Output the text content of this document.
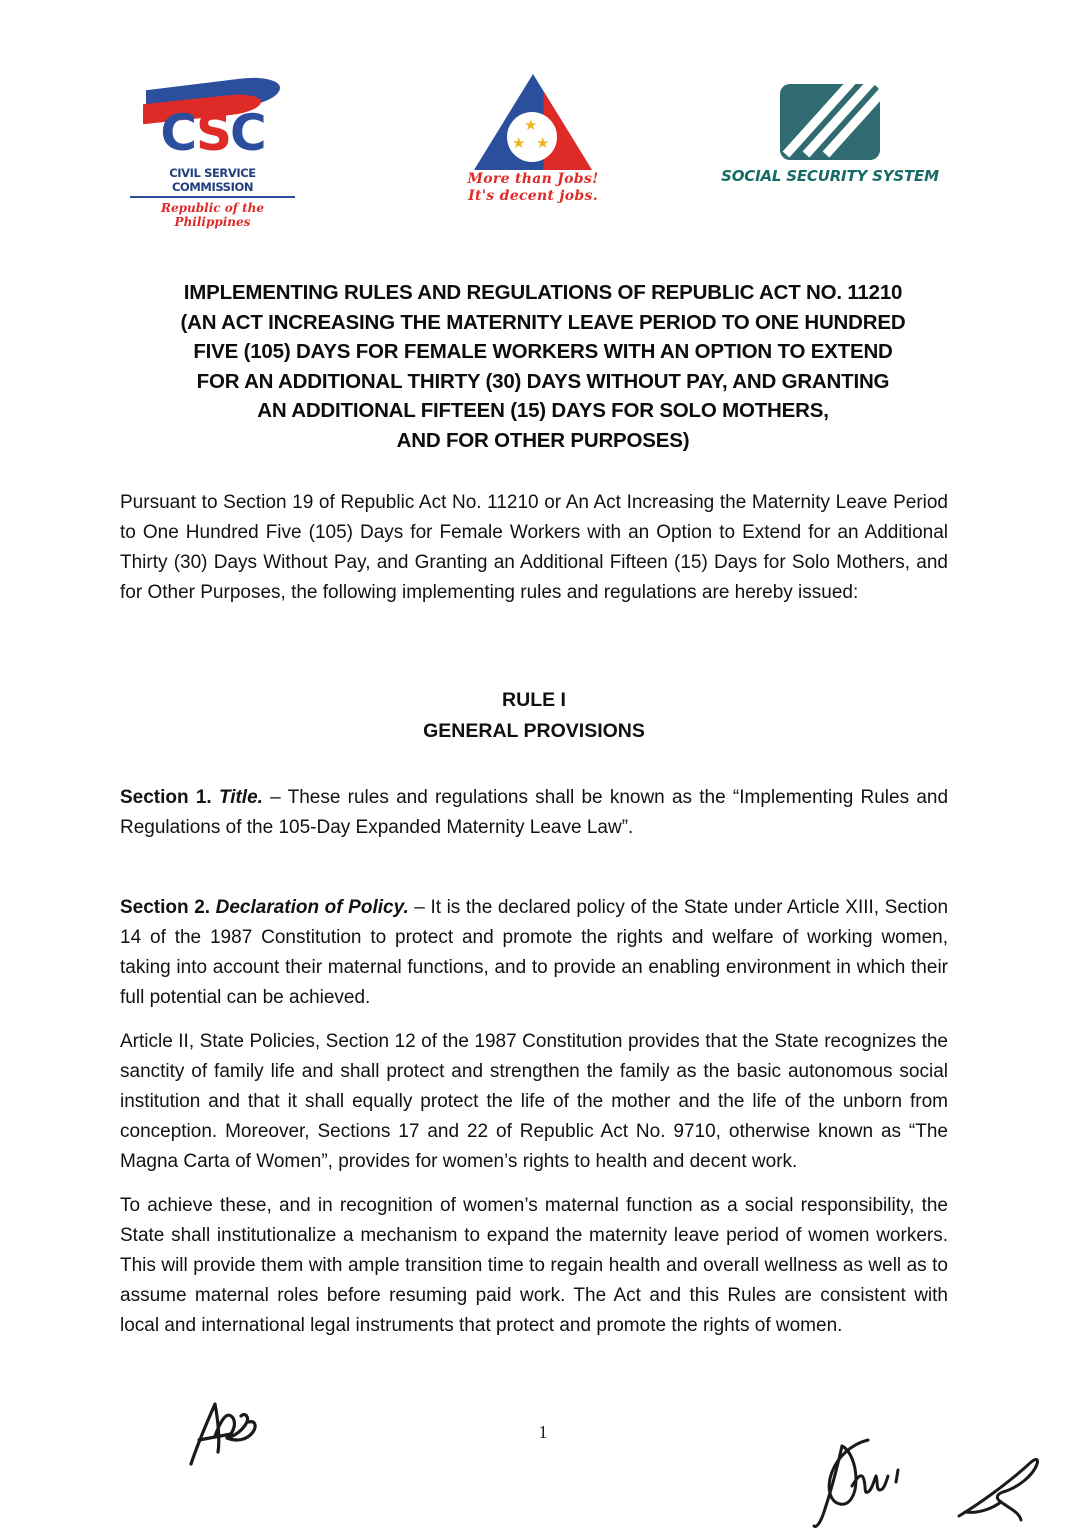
CSC
CIVIL SERVICE COMMISSION
Republic of the Philippines
★
★ ★
More than Jobs!
It's decent jobs.
SOCIAL SECURITY SYSTEM
IMPLEMENTING RULES AND REGULATIONS OF REPUBLIC ACT NO. 11210
(AN ACT INCREASING THE MATERNITY LEAVE PERIOD TO ONE HUNDRED
FIVE (105) DAYS FOR FEMALE WORKERS WITH AN OPTION TO EXTEND
FOR AN ADDITIONAL THIRTY (30) DAYS WITHOUT PAY, AND GRANTING
AN ADDITIONAL FIFTEEN (15) DAYS FOR SOLO MOTHERS,
AND FOR OTHER PURPOSES)

Pursuant to Section 19 of Republic Act No. 11210 or An Act Increasing the Maternity Leave Period to One Hundred Five (105) Days for Female Workers with an Option to Extend for an Additional Thirty (30) Days Without Pay, and Granting an Additional Fifteen (15) Days for Solo Mothers, and for Other Purposes, the following implementing rules and regulations are hereby issued:

RULE I
GENERAL PROVISIONS

Section 1. Title. – These rules and regulations shall be known as the “Implementing Rules and Regulations of the 105-Day Expanded Maternity Leave Law”.

Section 2. Declaration of Policy. – It is the declared policy of the State under Article XIII, Section 14 of the 1987 Constitution to protect and promote the rights and welfare of working women, taking into account their maternal functions, and to provide an enabling environment in which their full potential can be achieved.

Article II, State Policies, Section 12 of the 1987 Constitution provides that the State recognizes the sanctity of family life and shall protect and strengthen the family as the basic autonomous social institution and that it shall equally protect the life of the mother and the life of the unborn from conception. Moreover, Sections 17 and 22 of Republic Act No. 9710, otherwise known as “The Magna Carta of Women”, provides for women’s rights to health and decent work.

To achieve these, and in recognition of women’s maternal function as a social responsibility, the State shall institutionalize a mechanism to expand the maternity leave period of women workers. This will provide them with ample transition time to regain health and overall wellness as well as to assume maternal roles before resuming paid work. The Act and this Rules are consistent with local and international legal instruments that protect and promote the rights of women.

1
